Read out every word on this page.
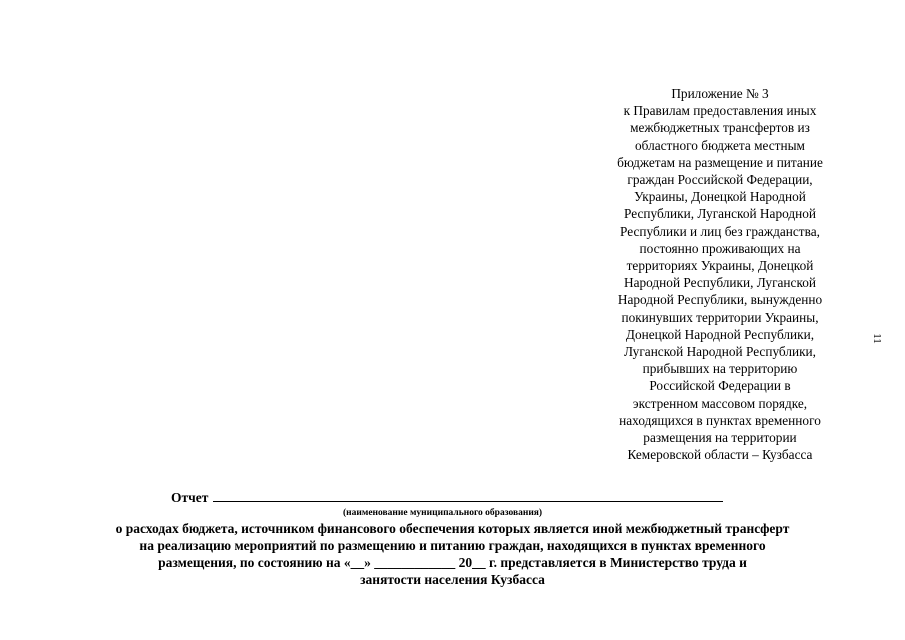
Приложение № 3
к Правилам предоставления иных
межбюджетных трансфертов из
областного бюджета местным
бюджетам на размещение и питание
граждан Российской Федерации,
Украины, Донецкой Народной
Республики, Луганской Народной
Республики и лиц без гражданства,
постоянно проживающих на
территориях Украины, Донецкой
Народной Республики, Луганской
Народной Республики, вынужденно
покинувших территории Украины,
Донецкой Народной Республики,
Луганской Народной Республики,
прибывших на территорию
Российской Федерации в
экстренном массовом порядке,
находящихся в пунктах временного
размещения на территории
Кемеровской области – Кузбасса
11
Отчет
(наименование муниципального образования)
о расходах бюджета, источником финансового обеспечения которых является иной межбюджетный трансферт
на реализацию мероприятий по размещению и питанию граждан, находящихся в пунктах временного
размещения, по состоянию на «__» ____________ 20__ г. представляется в Министерство труда и
занятости населения Кузбасса
